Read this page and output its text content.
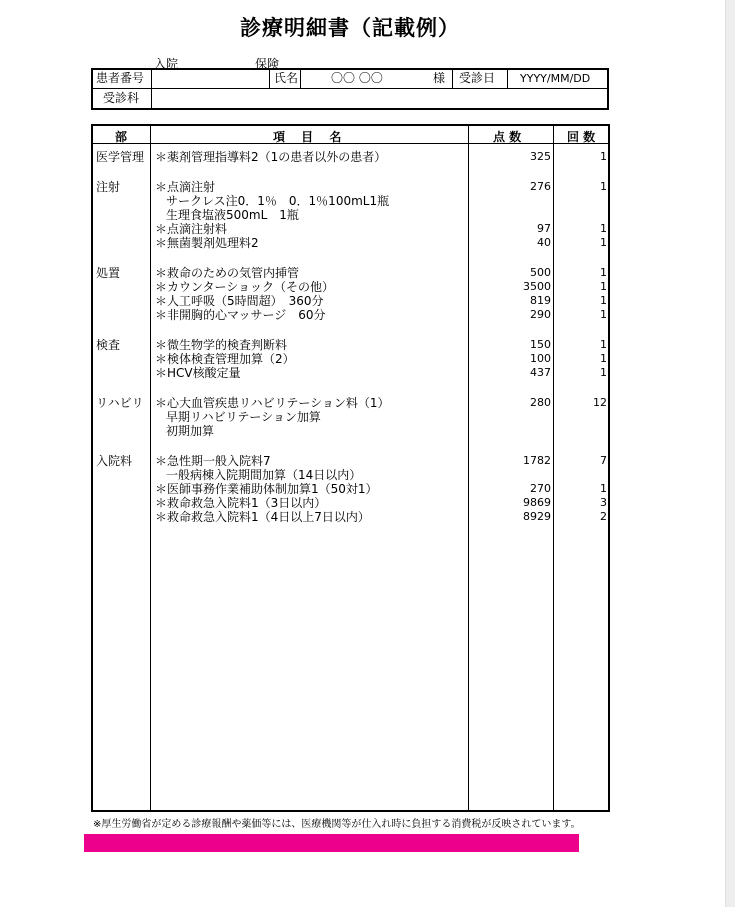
診療明細書（記載例）
入院	保険
患者番号	氏名	〇〇 〇〇	様 受診日 YYYY/MM/DD
受診科
部	項 目 名	点 数	回 数
医学管理 ＊薬剤管理指導料2（1の患者以外の患者）	325	1
注射	＊点滴注射	276	1
サークレス注0．1％　0．1％100mL1瓶
生理食塩液500mL　1瓶
＊点滴注射料	97	1
＊無菌製剤処理料2	40	1
処置	＊救命のための気管内挿管	500	1
＊カウンターショック（その他）	3500	1
＊人工呼吸（5時間超）　360分	819	1
＊非開胸的心マッサージ　60分	290	1
検査	＊微生物学的検査判断料	150	1
＊検体検査管理加算（2）	100	1
＊HCV核酸定量	437	1
リハビリ ＊心大血管疾患リハビリテーション料（1）	280	12
早期リハビリテーション加算
初期加算
入院料 ＊急性期一般入院料7	1782	7
一般病棟入院期間加算（14日以内）
＊医師事務作業補助体制加算1（50対1）	270	1
＊救命救急入院料1（3日以内）	9869	3
＊救命救急入院料1（4日以上7日以内）	8929	2
※厚生労働省が定める診療報酬や薬価等には、医療機関等が仕入れ時に負担する消費税が反映されています。
